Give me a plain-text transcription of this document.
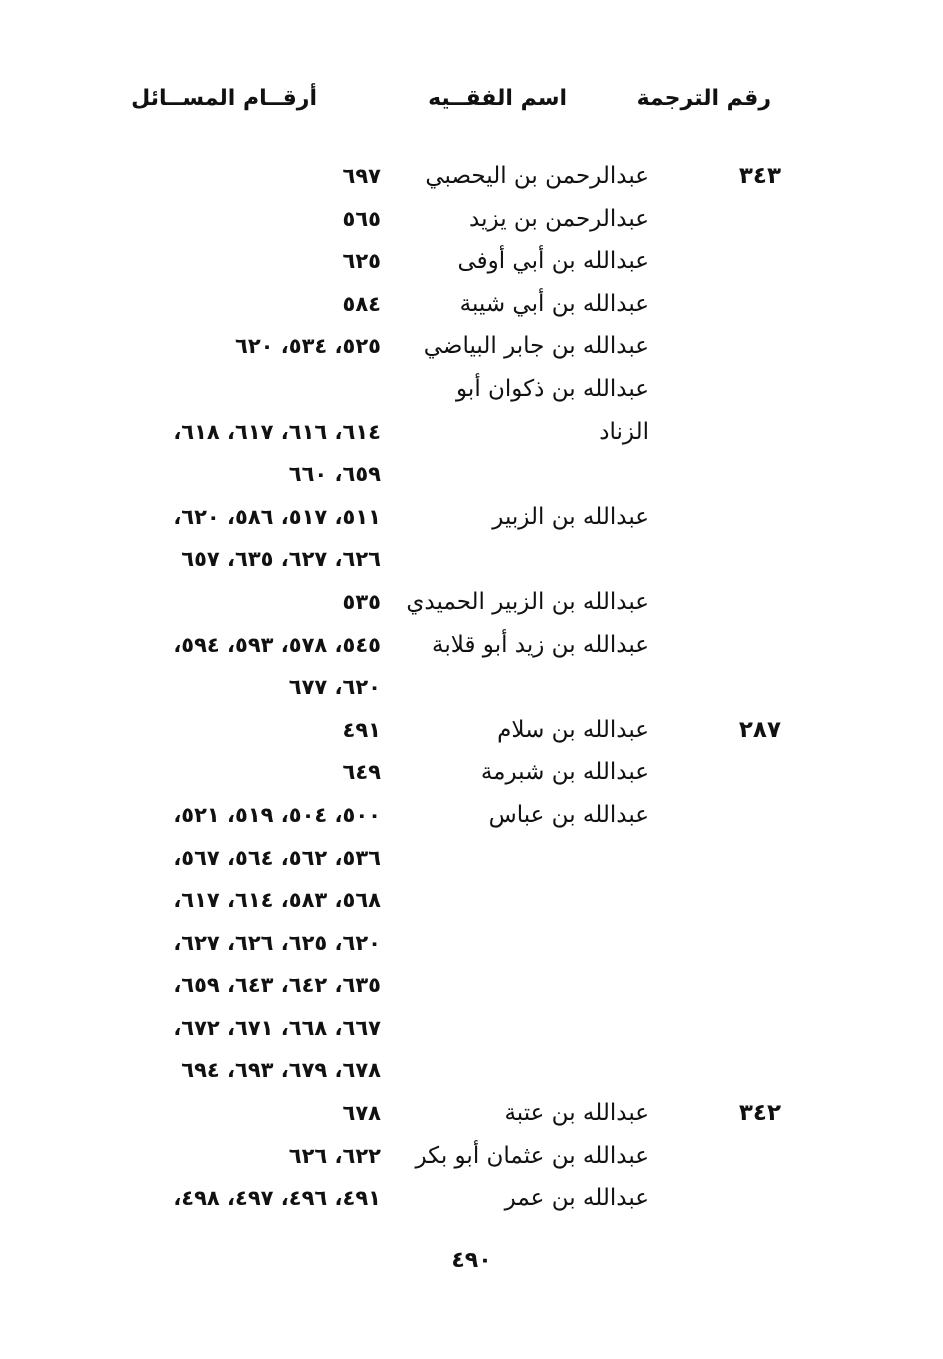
رقم الترجمة
اسم الفقــيه
أرقــام المســائل
٣٤٣
عبدالرحمن بن اليحصبي
٦٩٧
عبدالرحمن بن يزيد
٥٦٥
عبدالله بن أبي أوفى
٦٢٥
عبدالله بن أبي شيبة
٥٨٤
عبدالله بن جابر البياضي
٥٢٥، ٥٣٤، ٦٢٠
عبدالله بن ذكوان أبو
الزناد
٦١٤، ٦١٦، ٦١٧، ٦١٨،
٦٥٩، ٦٦٠
عبدالله بن الزبير
٥١١، ٥١٧، ٥٨٦، ٦٢٠،
٦٢٦، ٦٢٧، ٦٣٥، ٦٥٧
عبدالله بن الزبير الحميدي
٥٣٥
عبدالله بن زيد أبو قلابة
٥٤٥، ٥٧٨، ٥٩٣، ٥٩٤،
٦٢٠، ٦٧٧
٢٨٧
عبدالله بن سلام
٤٩١
عبدالله بن شبرمة
٦٤٩
عبدالله بن عباس
٥٠٠، ٥٠٤، ٥١٩، ٥٢١،
٥٣٦، ٥٦٢، ٥٦٤، ٥٦٧،
٥٦٨، ٥٨٣، ٦١٤، ٦١٧،
٦٢٠، ٦٢٥، ٦٢٦، ٦٢٧،
٦٣٥، ٦٤٢، ٦٤٣، ٦٥٩،
٦٦٧، ٦٦٨، ٦٧١، ٦٧٢،
٦٧٨، ٦٧٩، ٦٩٣، ٦٩٤
٣٤٢
عبدالله بن عتبة
٦٧٨
عبدالله بن عثمان أبو بكر
٦٢٢، ٦٢٦
عبدالله بن عمر
٤٩١، ٤٩٦، ٤٩٧، ٤٩٨،
٤٩٠
